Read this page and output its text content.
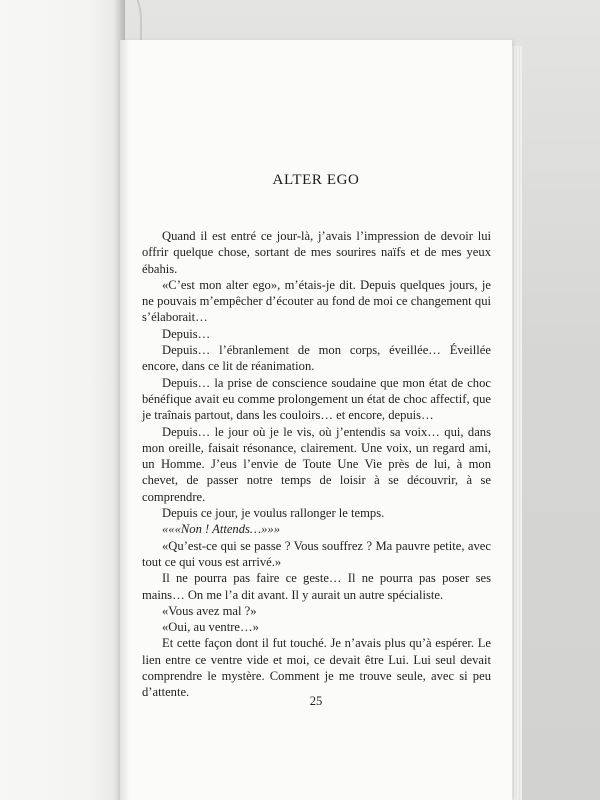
ALTER EGO

Quand il est entré ce jour-là, j’avais l’impression de devoir lui offrir quelque chose, sortant de mes sourires naïfs et de mes yeux ébahis.

«C’est mon alter ego», m’étais-je dit. Depuis quelques jours, je ne pouvais m’empêcher d’écouter au fond de moi ce changement qui s’élaborait…

Depuis…

Depuis… l’ébranlement de mon corps, éveillée… Éveillée encore, dans ce lit de réanimation.

Depuis… la prise de conscience soudaine que mon état de choc bénéfique avait eu comme prolongement un état de choc affectif, que je traînais partout, dans les couloirs… et encore, depuis…

Depuis… le jour où je le vis, où j’entendis sa voix… qui, dans mon oreille, faisait résonance, clairement. Une voix, un regard ami, un Homme. J’eus l’envie de Toute Une Vie près de lui, à mon chevet, de passer notre temps de loisir à se découvrir, à se comprendre.

Depuis ce jour, je voulus rallonger le temps.

«««Non ! Attends…»»»

«Qu’est-ce qui se passe ? Vous souffrez ? Ma pauvre petite, avec tout ce qui vous est arrivé.»

Il ne pourra pas faire ce geste… Il ne pourra pas poser ses mains… On me l’a dit avant. Il y aurait un autre spécialiste.

«Vous avez mal ?»

«Oui, au ventre…»

Et cette façon dont il fut touché. Je n’avais plus qu’à espérer. Le lien entre ce ventre vide et moi, ce devait être Lui. Lui seul devait comprendre le mystère. Comment je me trouve seule, avec si peu d’attente.

25
